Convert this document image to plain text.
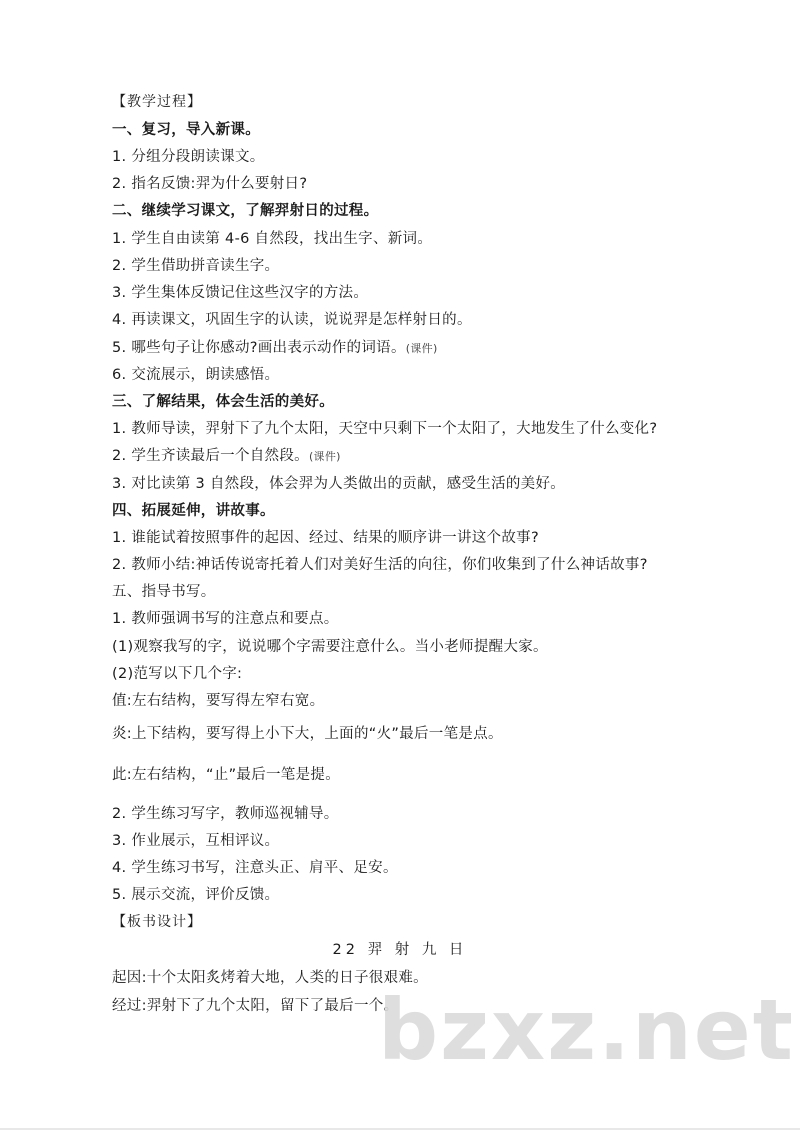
【教学过程】
一、复习，导入新课。
1. 分组分段朗读课文。
2. 指名反馈:羿为什么要射日?
二、继续学习课文，了解羿射日的过程。
1. 学生自由读第 4-6 自然段，找出生字、新词。
2. 学生借助拼音读生字。
3. 学生集体反馈记住这些汉字的方法。
4. 再读课文，巩固生字的认读，说说羿是怎样射日的。
5. 哪些句子让你感动?画出表示动作的词语。(课件)
6. 交流展示，朗读感悟。
三、了解结果，体会生活的美好。
1. 教师导读，羿射下了九个太阳，天空中只剩下一个太阳了，大地发生了什么变化?
2. 学生齐读最后一个自然段。(课件)
3. 对比读第 3 自然段，体会羿为人类做出的贡献，感受生活的美好。
四、拓展延伸，讲故事。
1. 谁能试着按照事件的起因、经过、结果的顺序讲一讲这个故事?
2. 教师小结:神话传说寄托着人们对美好生活的向往，你们收集到了什么神话故事?
五、指导书写。
1. 教师强调书写的注意点和要点。
(1)观察我写的字，说说哪个字需要注意什么。当小老师提醒大家。
(2)范写以下几个字:
值:左右结构，要写得左窄右宽。
炎:上下结构，要写得上小下大，上面的“火”最后一笔是点。
此:左右结构，“止”最后一笔是提。
2. 学生练习写字，教师巡视辅导。
3. 作业展示，互相评议。
4. 学生练习书写，注意头正、肩平、足安。
5. 展示交流，评价反馈。
【板书设计】
22 羿 射 九 日
起因:十个太阳炙烤着大地，人类的日子很艰难。
经过:羿射下了九个太阳，留下了最后一个。
bzxz.net
